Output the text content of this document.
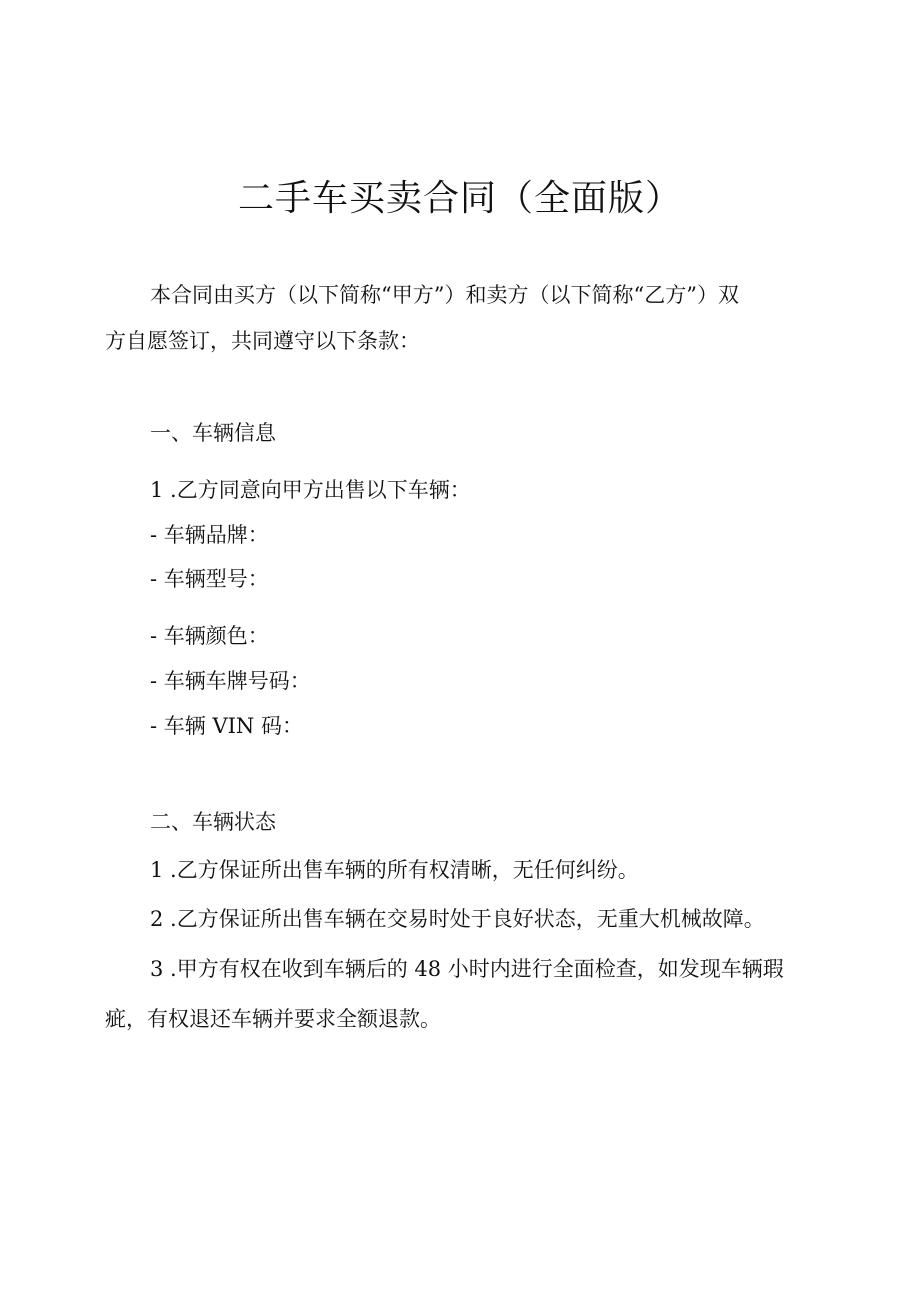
二手车买卖合同（全面版）
本合同由买方（以下简称“甲方”）和卖方（以下简称“乙方”）双
方自愿签订，共同遵守以下条款：
一、车辆信息
1 .乙方同意向甲方出售以下车辆：
- 车辆品牌：
- 车辆型号：
- 车辆颜色：
- 车辆车牌号码：
- 车辆 VIN 码：
二、车辆状态
1 .乙方保证所出售车辆的所有权清晰，无任何纠纷。
2 .乙方保证所出售车辆在交易时处于良好状态，无重大机械故障。
3 .甲方有权在收到车辆后的 48 小时内进行全面检查，如发现车辆瑕
疵，有权退还车辆并要求全额退款。
